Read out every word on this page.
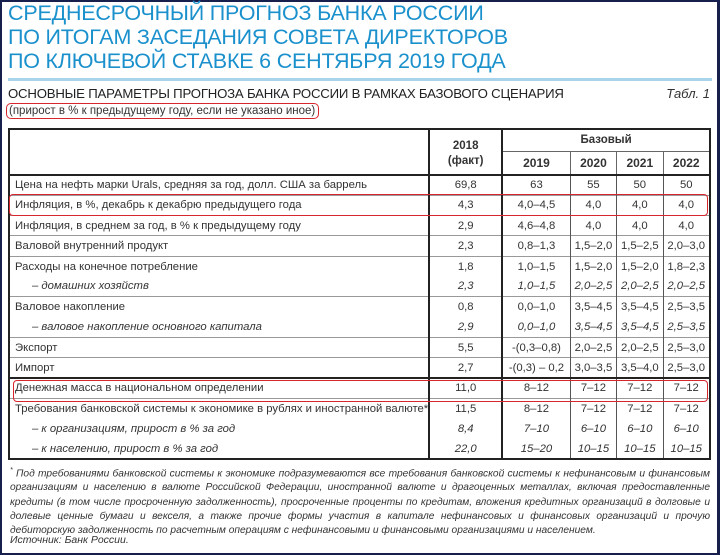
СРЕДНЕСРОЧНЫЙ ПРОГНОЗ БАНКА РОССИИ
ПО ИТОГАМ ЗАСЕДАНИЯ СОВЕТА ДИРЕКТОРОВ
ПО КЛЮЧЕВОЙ СТАВКЕ 6 СЕНТЯБРЯ 2019 ГОДА
ОСНОВНЫЕ ПАРАМЕТРЫ ПРОГНОЗА БАНКА РОССИИ В РАМКАХ БАЗОВОГО СЦЕНАРИЯ	Табл. 1
(прирост в % к предыдущему году, если не указано иное)

	2018
(факт)	Базовый			
		2019	2020	2021	2022
Цена на нефть марки Urals, средняя за год, долл. США за баррель	69,8	63	55	50	50
Инфляция, в %, декабрь к декабрю предыдущего года	4,3	4,0–4,5	4,0	4,0	4,0
Инфляция, в среднем за год, в % к предыдущему году	2,9	4,6–4,8	4,0	4,0	4,0
Валовой внутренний продукт	2,3	0,8–1,3	1,5–2,0	1,5–2,5	2,0–3,0
Расходы на конечное потребление	1,8	1,0–1,5	1,5–2,0	1,5–2,0	1,8–2,3
– домашних хозяйств	2,3	1,0–1,5	2,0–2,5	2,0–2,5	2,0–2,5
Валовое накопление	0,8	0,0–1,0	3,5–4,5	3,5–4,5	2,5–3,5
– валовое накопление основного капитала	2,9	0,0–1,0	3,5–4,5	3,5–4,5	2,5–3,5
Экспорт	5,5	-(0,3–0,8)	2,0–2,5	2,0–2,5	2,5–3,0
Импорт	2,7	-(0,3) – 0,2	3,0–3,5	3,5–4,0	2,5–3,0
Денежная масса в национальном определении	11,0	8–12	7–12	7–12	7–12
Требования банковской системы к экономике в рублях и иностранной валюте*	11,5	8–12	7–12	7–12	7–12
– к организациям, прирост в % за год	8,4	7–10	6–10	6–10	6–10
– к населению, прирост в % за год	22,0	15–20	10–15	10–15	10–15
* Под требованиями банковской системы к экономике подразумеваются все требования банковской системы к нефинансовым и финансовым организациям и населению в валюте Российской Федерации, иностранной валюте и драгоценных металлах, включая предоставленные кредиты (в том числе просроченную задолженность), просроченные проценты по кредитам, вложения кредитных организаций в долговые и долевые ценные бумаги и векселя, а также прочие формы участия в капитале нефинансовых и финансовых организаций и прочую дебиторскую задолженность по расчетным операциям с нефинансовыми и финансовыми организациями и населением.
Источник: Банк России.
